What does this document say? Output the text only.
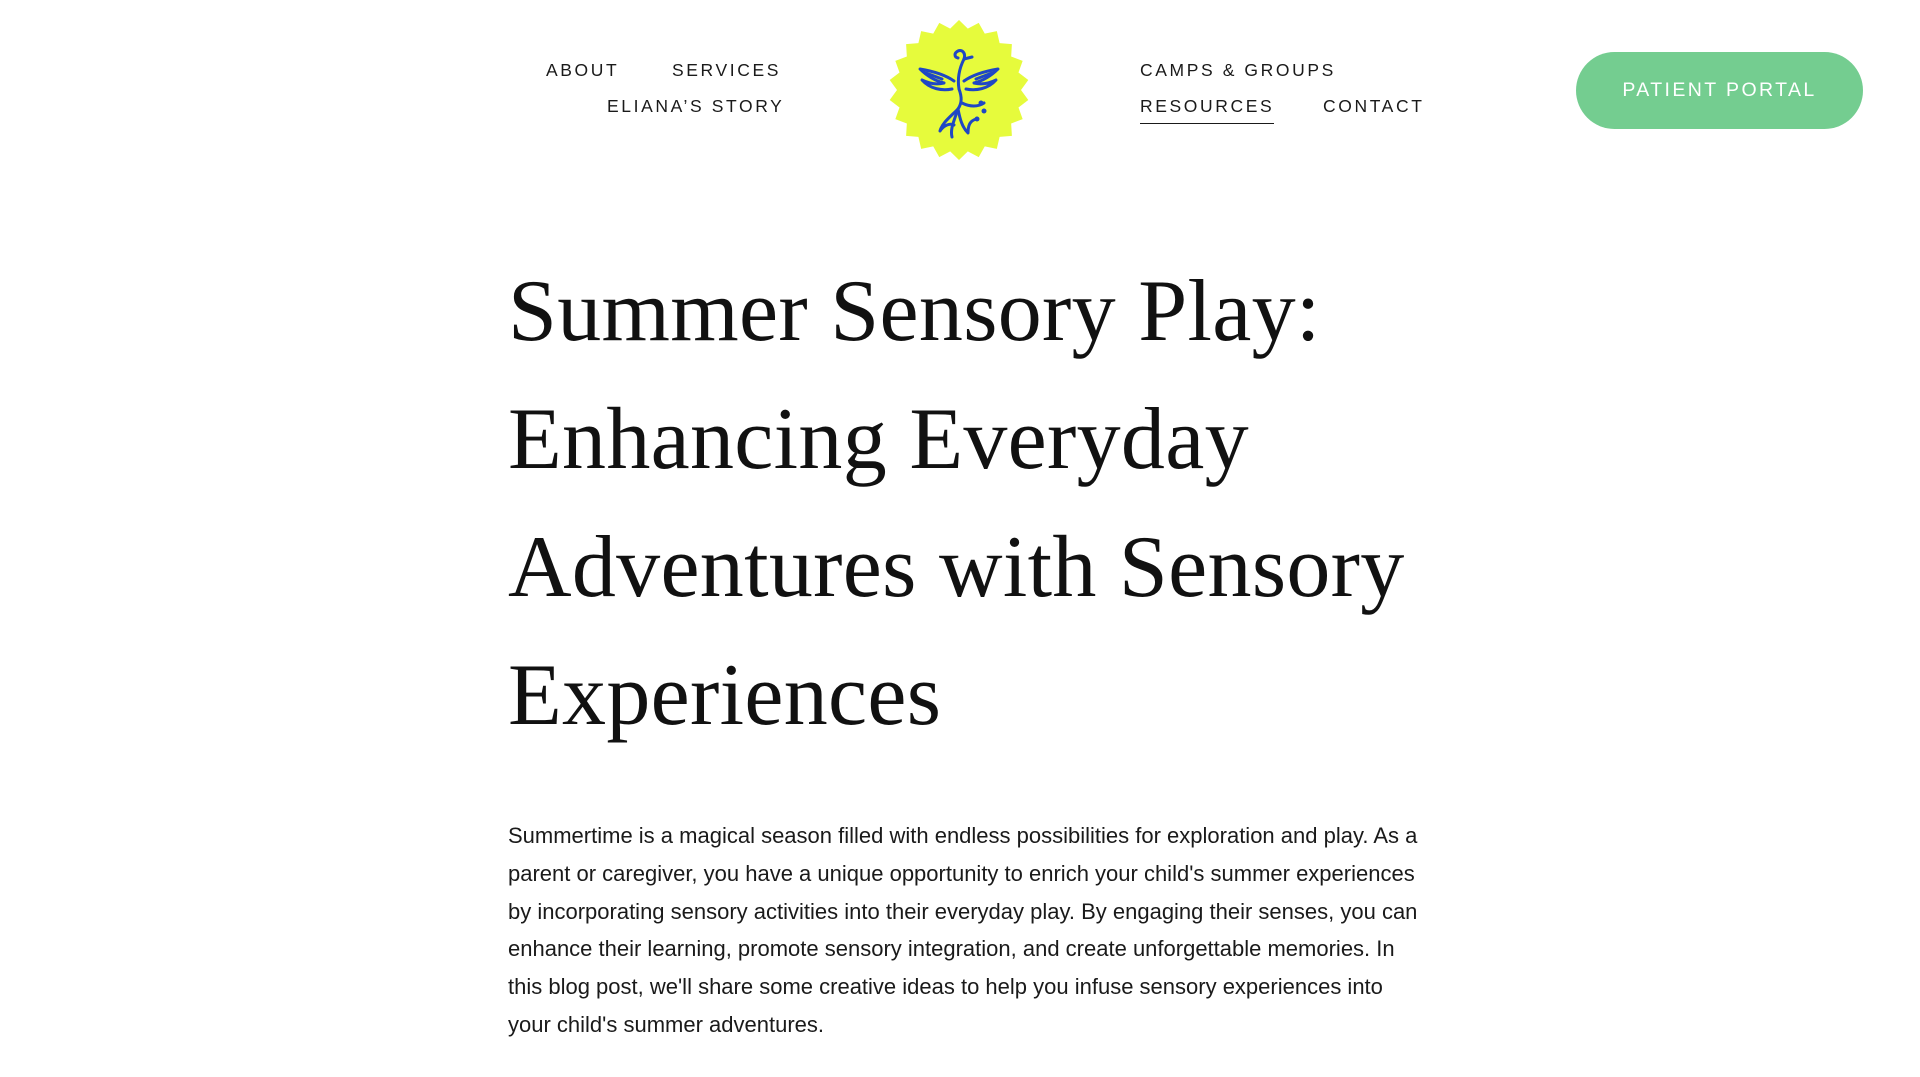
ABOUT	SERVICES
ELIANA’S STORY
CAMPS & GROUPS
RESOURCES	CONTACT
PATIENT PORTAL
Summer Sensory Play: Enhancing Everyday Adventures with Sensory Experiences

Summertime is a magical season filled with endless possibilities for exploration and play. As a parent or caregiver, you have a unique opportunity to enrich your child's summer experiences by incorporating sensory activities into their everyday play. By engaging their senses, you can enhance their learning, promote sensory integration, and create unforgettable memories. In this blog post, we'll share some creative ideas to help you infuse sensory experiences into your child's summer adventures.
